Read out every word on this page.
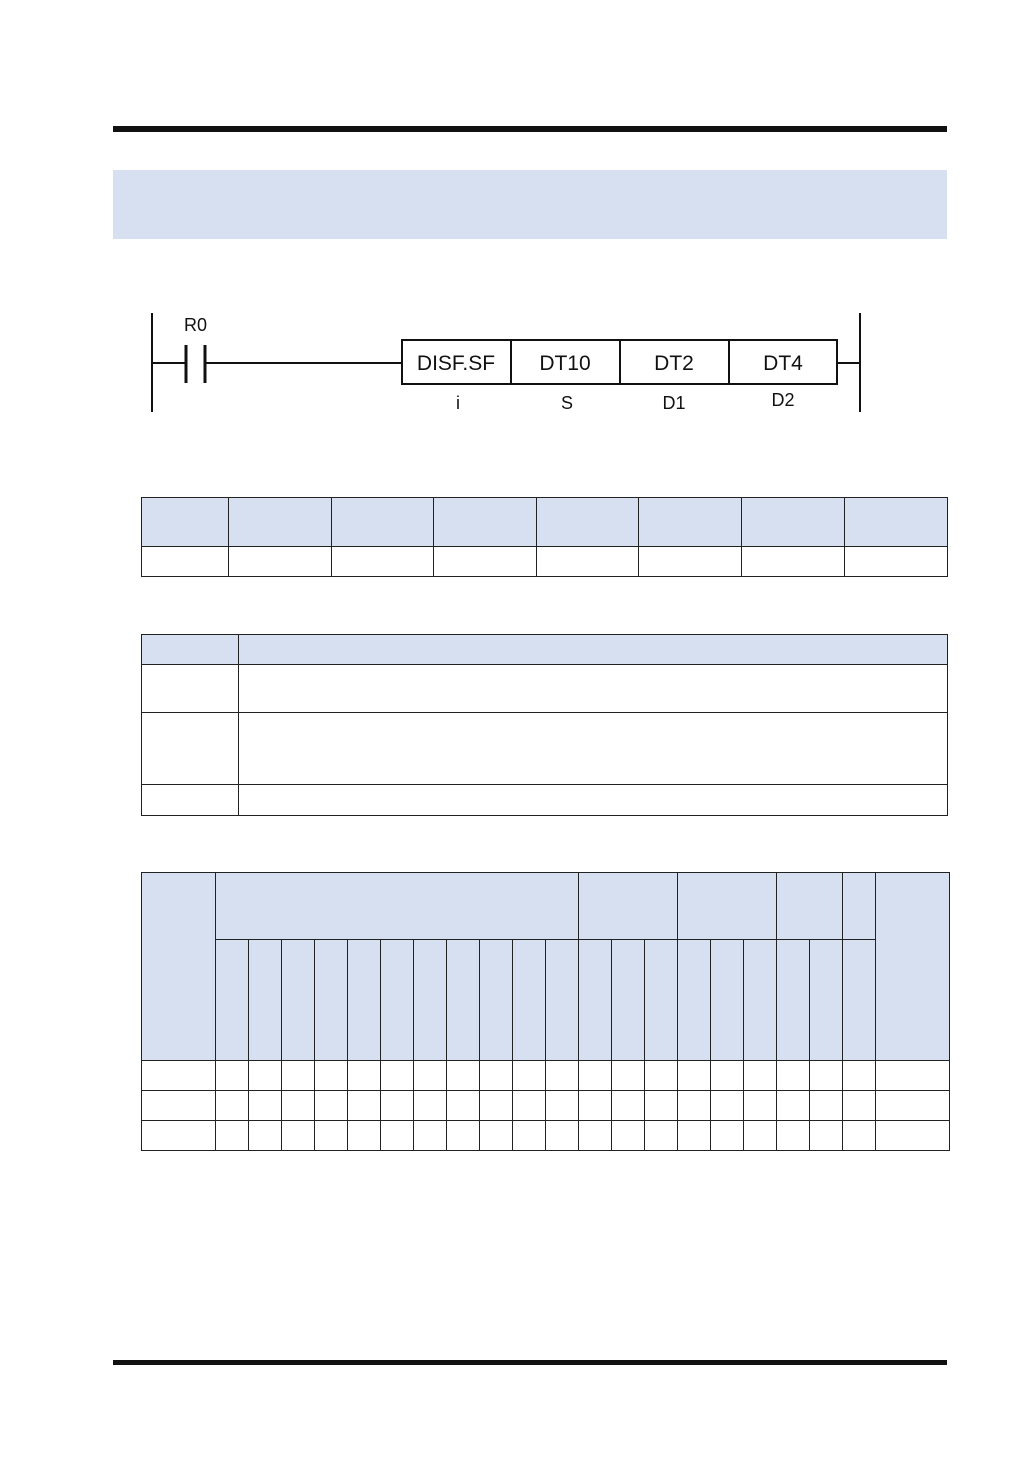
R0
DISF.SF DT10	DT2	DT4
i	S	D1	D2
